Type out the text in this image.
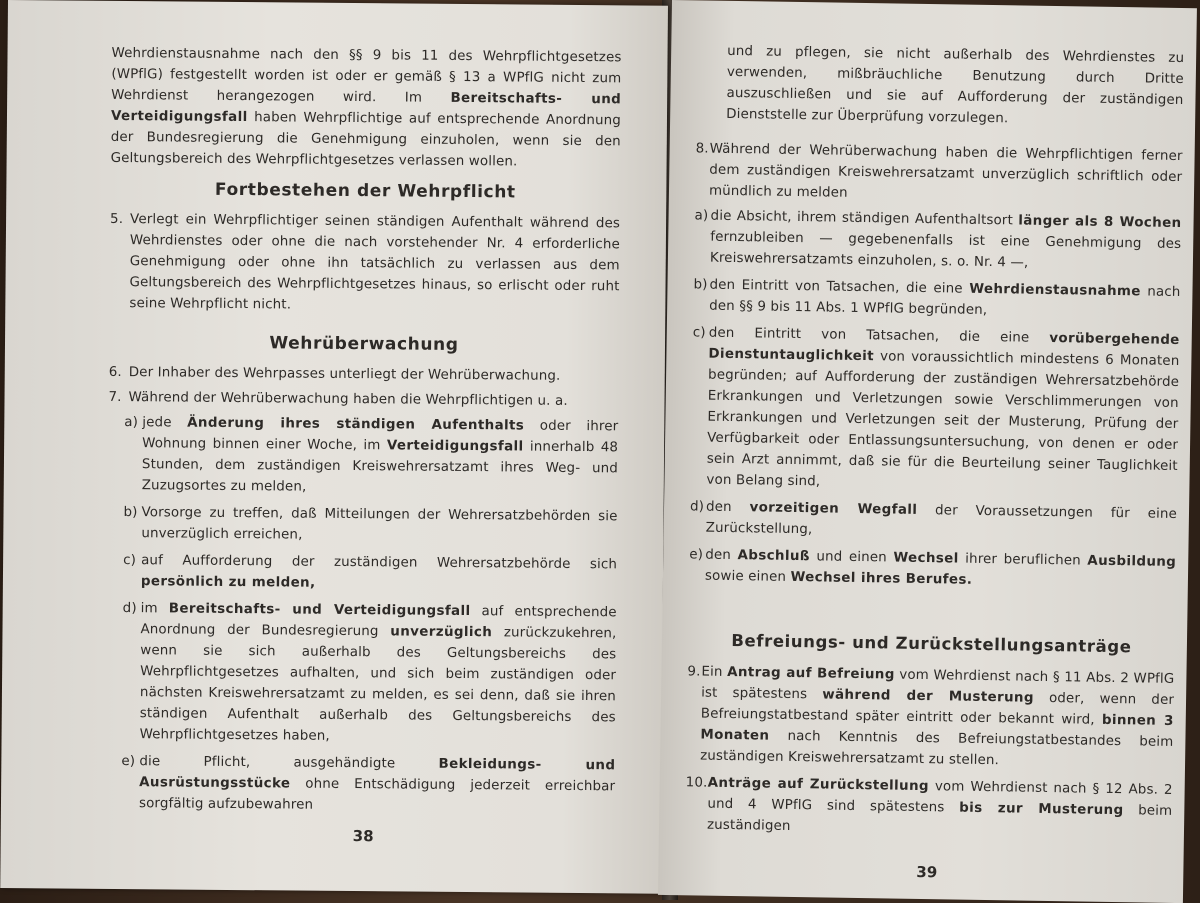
Wehrdienstausnahme nach den §§ 9 bis 11 des Wehrpflichtgesetzes (WPflG) festgestellt worden ist oder er gemäß § 13 a WPflG nicht zum Wehrdienst herangezogen wird. Im Bereitschafts- und Verteidigungsfall haben Wehrpflichtige auf entsprechende Anordnung der Bundesregierung die Genehmigung einzuholen, wenn sie den Geltungsbereich des Wehrpflichtgesetzes verlassen wollen.

Fortbestehen der Wehrpflicht
5. Verlegt ein Wehrpflichtiger seinen ständigen Aufenthalt während des Wehrdienstes oder ohne die nach vorstehender Nr. 4 erforderliche Genehmigung oder ohne ihn tatsächlich zu verlassen aus dem Geltungsbereich des Wehrpflichtgesetzes hinaus, so erlischt oder ruht seine Wehrpflicht nicht.
Wehrüberwachung
6. Der Inhaber des Wehrpasses unterliegt der Wehrüberwachung.
7. Während der Wehrüberwachung haben die Wehrpflichtigen u. a.
a) jede Änderung ihres ständigen Aufenthalts oder ihrer Wohnung binnen einer Woche, im Verteidigungsfall innerhalb 48 Stunden, dem zuständigen Kreiswehrersatzamt ihres Weg- und Zuzugsortes zu melden,
b) Vorsorge zu treffen, daß Mitteilungen der Wehrersatzbehörden sie unverzüglich erreichen,
c) auf Aufforderung der zuständigen Wehrersatzbehörde sich persönlich zu melden,
d) im Bereitschafts- und Verteidigungsfall auf entsprechende Anordnung der Bundesregierung unverzüglich zurückzukehren, wenn sie sich außerhalb des Geltungsbereichs des Wehrpflichtgesetzes aufhalten, und sich beim zuständigen oder nächsten Kreiswehrersatzamt zu melden, es sei denn, daß sie ihren ständigen Aufenthalt außerhalb des Geltungsbereichs des Wehrpflichtgesetzes haben,
e) die Pflicht, ausgehändigte	Bekleidungs- und Ausrüstungsstücke ohne Entschädigung jederzeit erreichbar sorgfältig aufzubewahren
38

und zu pflegen, sie nicht außerhalb des Wehrdienstes zu verwenden, mißbräuchliche Benutzung durch Dritte auszuschließen und sie auf Aufforderung der zuständigen Dienststelle zur Überprüfung vorzulegen.

8. Während der Wehrüberwachung haben die Wehrpflichtigen ferner dem zuständigen Kreiswehrersatzamt unverzüglich schriftlich oder mündlich zu melden
a) die Absicht, ihrem ständigen Aufenthaltsort länger als 8 Wochen fernzubleiben — gegebenenfalls ist eine Genehmigung des Kreiswehrersatzamts einzuholen, s. o. Nr. 4 —,
b) den Eintritt von Tatsachen, die eine Wehrdienstausnahme nach den §§ 9 bis 11 Abs. 1 WPflG begründen,
c) den Eintritt von Tatsachen, die eine vorübergehende Dienstuntauglichkeit von voraussichtlich mindestens 6 Monaten begründen; auf Aufforderung der zuständigen Wehrersatzbehörde Erkrankungen und Verletzungen sowie Verschlimmerungen von Erkrankungen und Verletzungen seit der Musterung, Prüfung der Verfügbarkeit oder Entlassungsuntersuchung, von denen er oder sein Arzt annimmt, daß sie für die Beurteilung seiner Tauglichkeit von Belang sind,
d) den vorzeitigen Wegfall der Voraussetzungen für eine Zurückstellung,
e) den Abschluß und einen Wechsel ihrer beruflichen Ausbildung sowie einen Wechsel ihres Berufes.
Befreiungs- und Zurückstellungsanträge
9. Ein Antrag auf Befreiung vom Wehrdienst nach § 11 Abs. 2 WPflG ist spätestens während der Musterung oder, wenn der Befreiungstatbestand später eintritt oder bekannt wird, binnen 3 Monaten nach Kenntnis des Befreiungstatbestandes beim zuständigen Kreiswehrersatzamt zu stellen.
10. Anträge auf Zurückstellung vom Wehrdienst nach § 12 Abs. 2 und 4 WPflG sind spätestens bis zur Musterung beim zuständigen
39
